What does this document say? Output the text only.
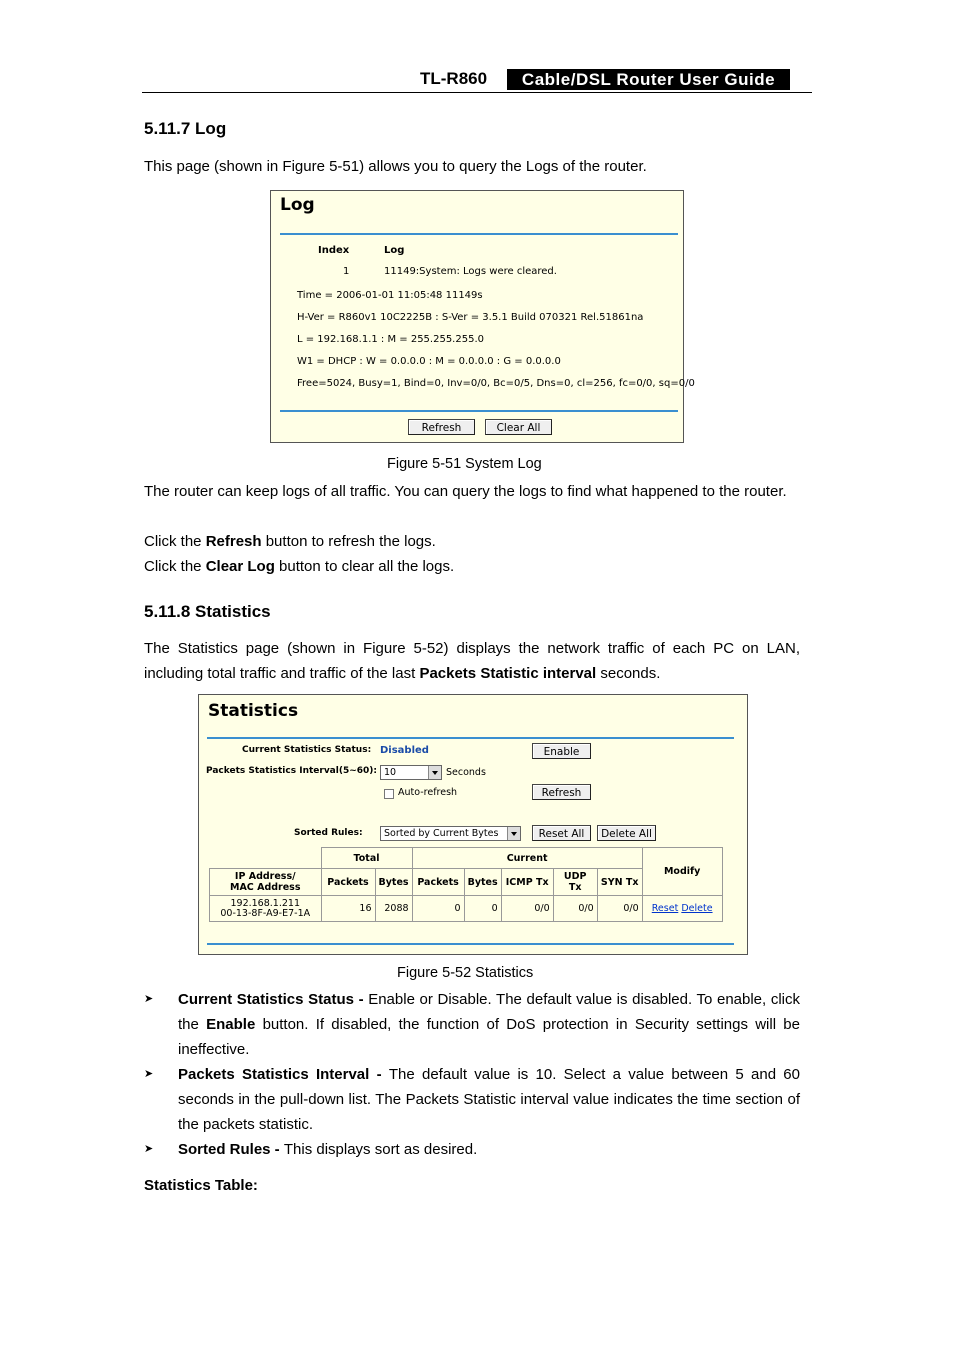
TL-R860	Cable/DSL Router User Guide
5.11.7 Log
This page (shown in Figure 5-51) allows you to query the Logs of the router.
Log
Index	Log
1	11149:System: Logs were cleared.
Time = 2006-01-01 11:05:48 11149s
H-Ver = R860v1 10C2225B : S-Ver = 3.5.1 Build 070321 Rel.51861na
L = 192.168.1.1 : M = 255.255.255.0
W1 = DHCP : W = 0.0.0.0 : M = 0.0.0.0 : G = 0.0.0.0
Free=5024, Busy=1, Bind=0, Inv=0/0, Bc=0/5, Dns=0, cl=256, fc=0/0, sq=0/0
Refresh	Clear All
Figure 5-51 System Log
The router can keep logs of all traffic. You can query the logs to find what happened to the router.
Click the Refresh button to refresh the logs.
Click the Clear Log button to clear all the logs.
5.11.8 Statistics
The Statistics page (shown in Figure 5-52) displays the network traffic of each PC on LAN, including total traffic and traffic of the last Packets Statistic interval seconds.
Statistics
Current Statistics Status: Disabled	Enable
Packets Statistics Interval(5~60): 10	Seconds
Auto-refresh	Refresh
Sorted Rules:	Sorted by Current Bytes	Reset All	Delete All
	Total		Current					Modify
IP Address/
MAC Address	Packets	Bytes	Packets	Bytes	ICMP Tx	UDP Tx	SYN Tx	
192.168.1.211
00-13-8F-A9-E7-1A	16	2088	0	0	0/0	0/0	0/0	Reset Delete
Figure 5-52 Statistics
➤ Current Statistics Status - Enable or Disable. The default value is disabled. To enable, click the Enable button. If disabled, the function of DoS protection in Security settings will be ineffective.
➤ Packets Statistics Interval - The default value is 10. Select a value between 5 and 60 seconds in the pull-down list. The Packets Statistic interval value indicates the time section of the packets statistic.
➤ Sorted Rules - This displays sort as desired.
Statistics Table:
